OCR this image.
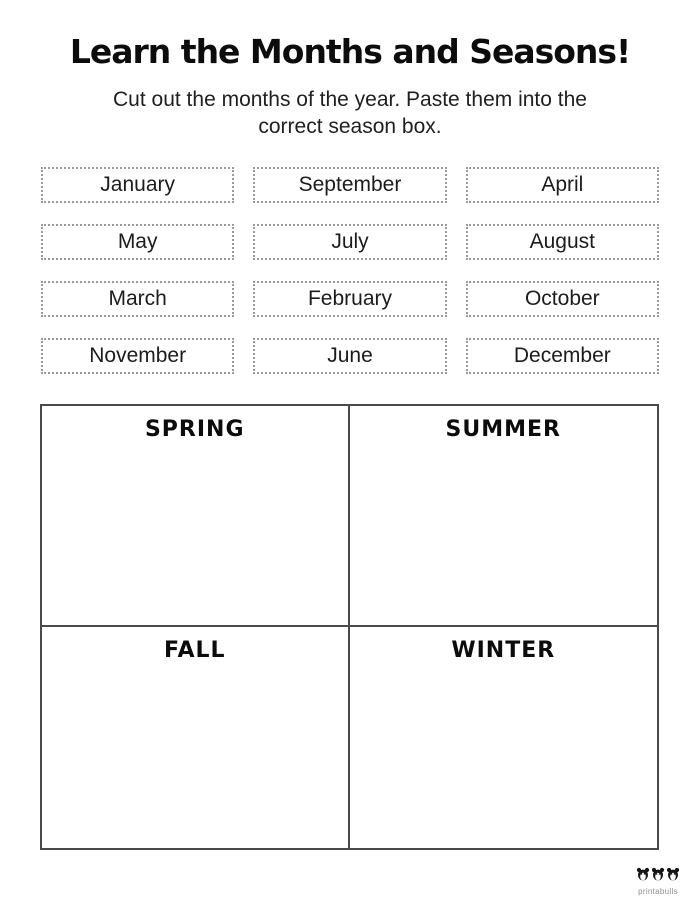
Learn the Months and Seasons!
Cut out the months of the year. Paste them into the
correct season box.
January	September	April
May	July	August
March	February	October
November	June	December
SPRING	SUMMER
FALL	WINTER
printabulls
